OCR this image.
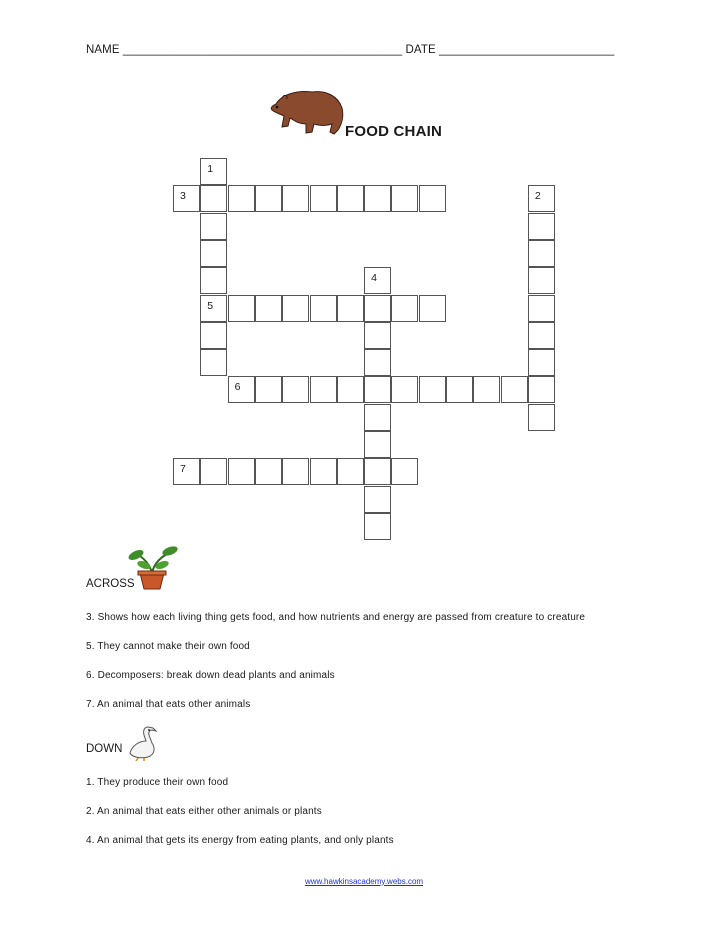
NAME ___________________________________________ DATE ___________________________
FOOD CHAIN
3
1
5
2
6
4
7
ACROSS
3. Shows how each living thing gets food, and how nutrients and energy are passed from creature to creature
5. They cannot make their own food
6. Decomposers: break down dead plants and animals
7. An animal that eats other animals
DOWN
1. They produce their own food
2. An animal that eats either other animals or plants
4. An animal that gets its energy from eating plants, and only plants
www.hawkinsacademy.webs.com
